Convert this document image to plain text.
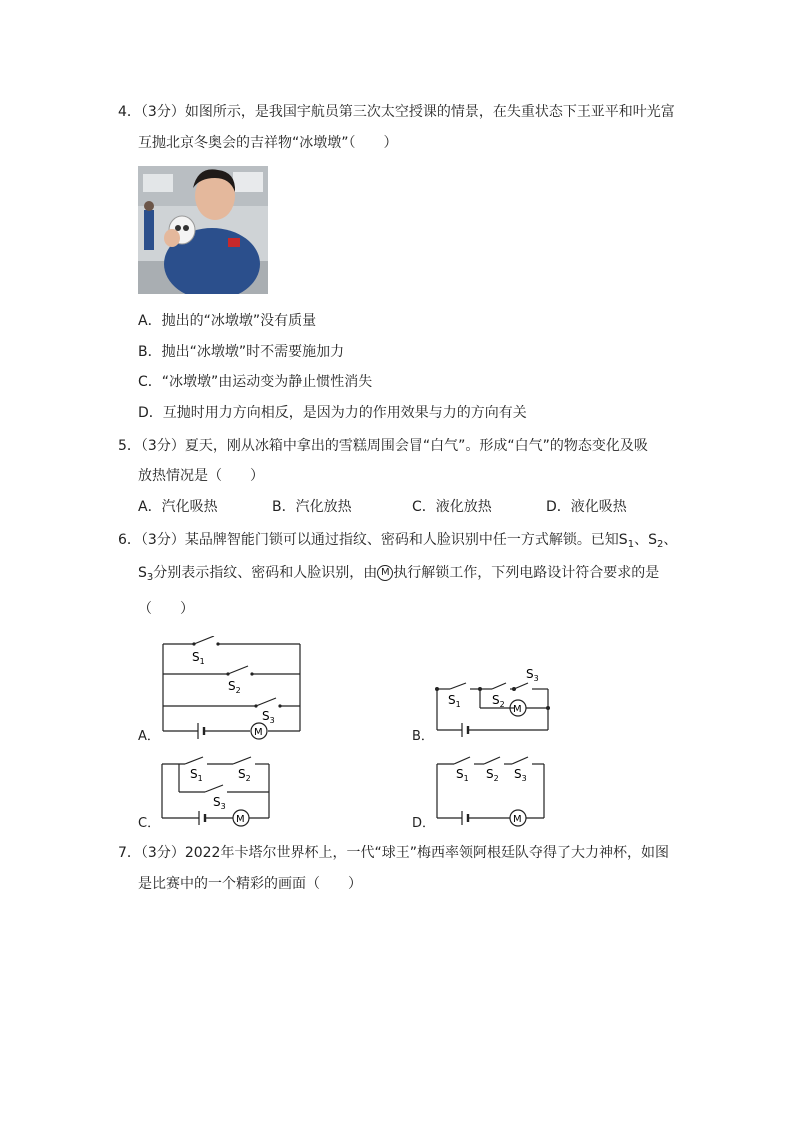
4．（3分）如图所示，是我国宇航员第三次太空授课的情景，在失重状态下王亚平和叶光富
互抛北京冬奥会的吉祥物“冰墩墩”（　　）
A．抛出的“冰墩墩”没有质量
B．抛出“冰墩墩”时不需要施加力
C．“冰墩墩”由运动变为静止惯性消失
D．互抛时用力方向相反，是因为力的作用效果与力的方向有关
5．（3分）夏天，刚从冰箱中拿出的雪糕周围会冒“白气”。形成“白气”的物态变化及吸
放热情况是（　　）
A．汽化吸热	B．汽化放热	C．液化放热	D．液化吸热
6．（3分）某品牌智能门锁可以通过指纹、密码和人脸识别中任一方式解锁。已知$S_1$、$S_2$、
$S_3$分别表示指纹、密码和人脸识别，由 M 执行解锁工作，下列电路设计符合要求的是
（　　）
M
$S_1$
$S_2$
$S_3$
A．
M
$S_1$	$S_2$
$S_3$
B．
M
$S_1$	$S_2$
$S_3$
C．	M
$S_1$ $S_2$ $S_3$
D．
7．（3分）2022年卡塔尔世界杯上，一代“球王”梅西率领阿根廷队夺得了大力神杯，如图
是比赛中的一个精彩的画面（　　）
